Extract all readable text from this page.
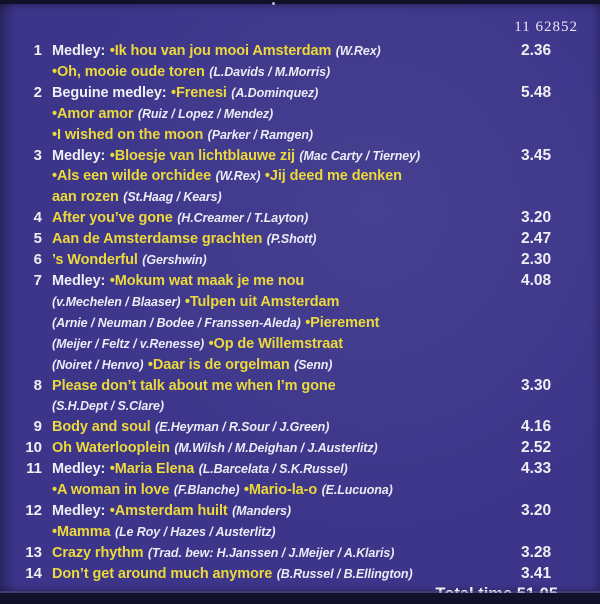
11 62852
1 Medley: •Ik hou van jou mooi Amsterdam (W.Rex)
•Oh, mooie oude toren (L.Davids / M.Morris)
2.36
2 Beguine medley: •Frenesi (A.Dominquez)
•Amor amor (Ruiz / Lopez / Mendez)
•I wished on the moon (Parker / Ramgen)
5.48
3 Medley: •Bloesje van lichtblauwe zij (Mac Carty / Tierney)
•Als een wilde orchidee (W.Rex) •Jij deed me denken
aan rozen (St.Haag / Kears)
3.45
4 After you’ve gone (H.Creamer / T.Layton)	3.20
5 Aan de Amsterdamse grachten (P.Shott)	2.47
6 ’s Wonderful (Gershwin)	2.30
7 Medley: •Mokum wat maak je me nou
(v.Mechelen / Blaaser) •Tulpen uit Amsterdam
(Arnie / Neuman / Bodee / Franssen-Aleda) •Pierement
(Meijer / Feltz / v.Renesse) •Op de Willemstraat
(Noiret / Henvo) •Daar is de orgelman (Senn)
4.08
8 Please don’t talk about me when I’m gone
(S.H.Dept / S.Clare)
3.30
9 Body and soul (E.Heyman / R.Sour / J.Green)	4.16
10 Oh Waterlooplein (M.Wilsh / M.Deighan / J.Austerlitz)	2.52
11 Medley: •Maria Elena (L.Barcelata / S.K.Russel)
•A woman in love (F.Blanche) •Mario-la-o (E.Lucuona)
4.33
12 Medley: •Amsterdam huilt (Manders)
•Mamma (Le Roy / Hazes / Austerlitz)
3.20
13 Crazy rhythm (Trad. bew: H.Janssen / J.Meijer / A.Klaris)	3.28
14 Don’t get around much anymore (B.Russel / B.Ellington)	3.41
